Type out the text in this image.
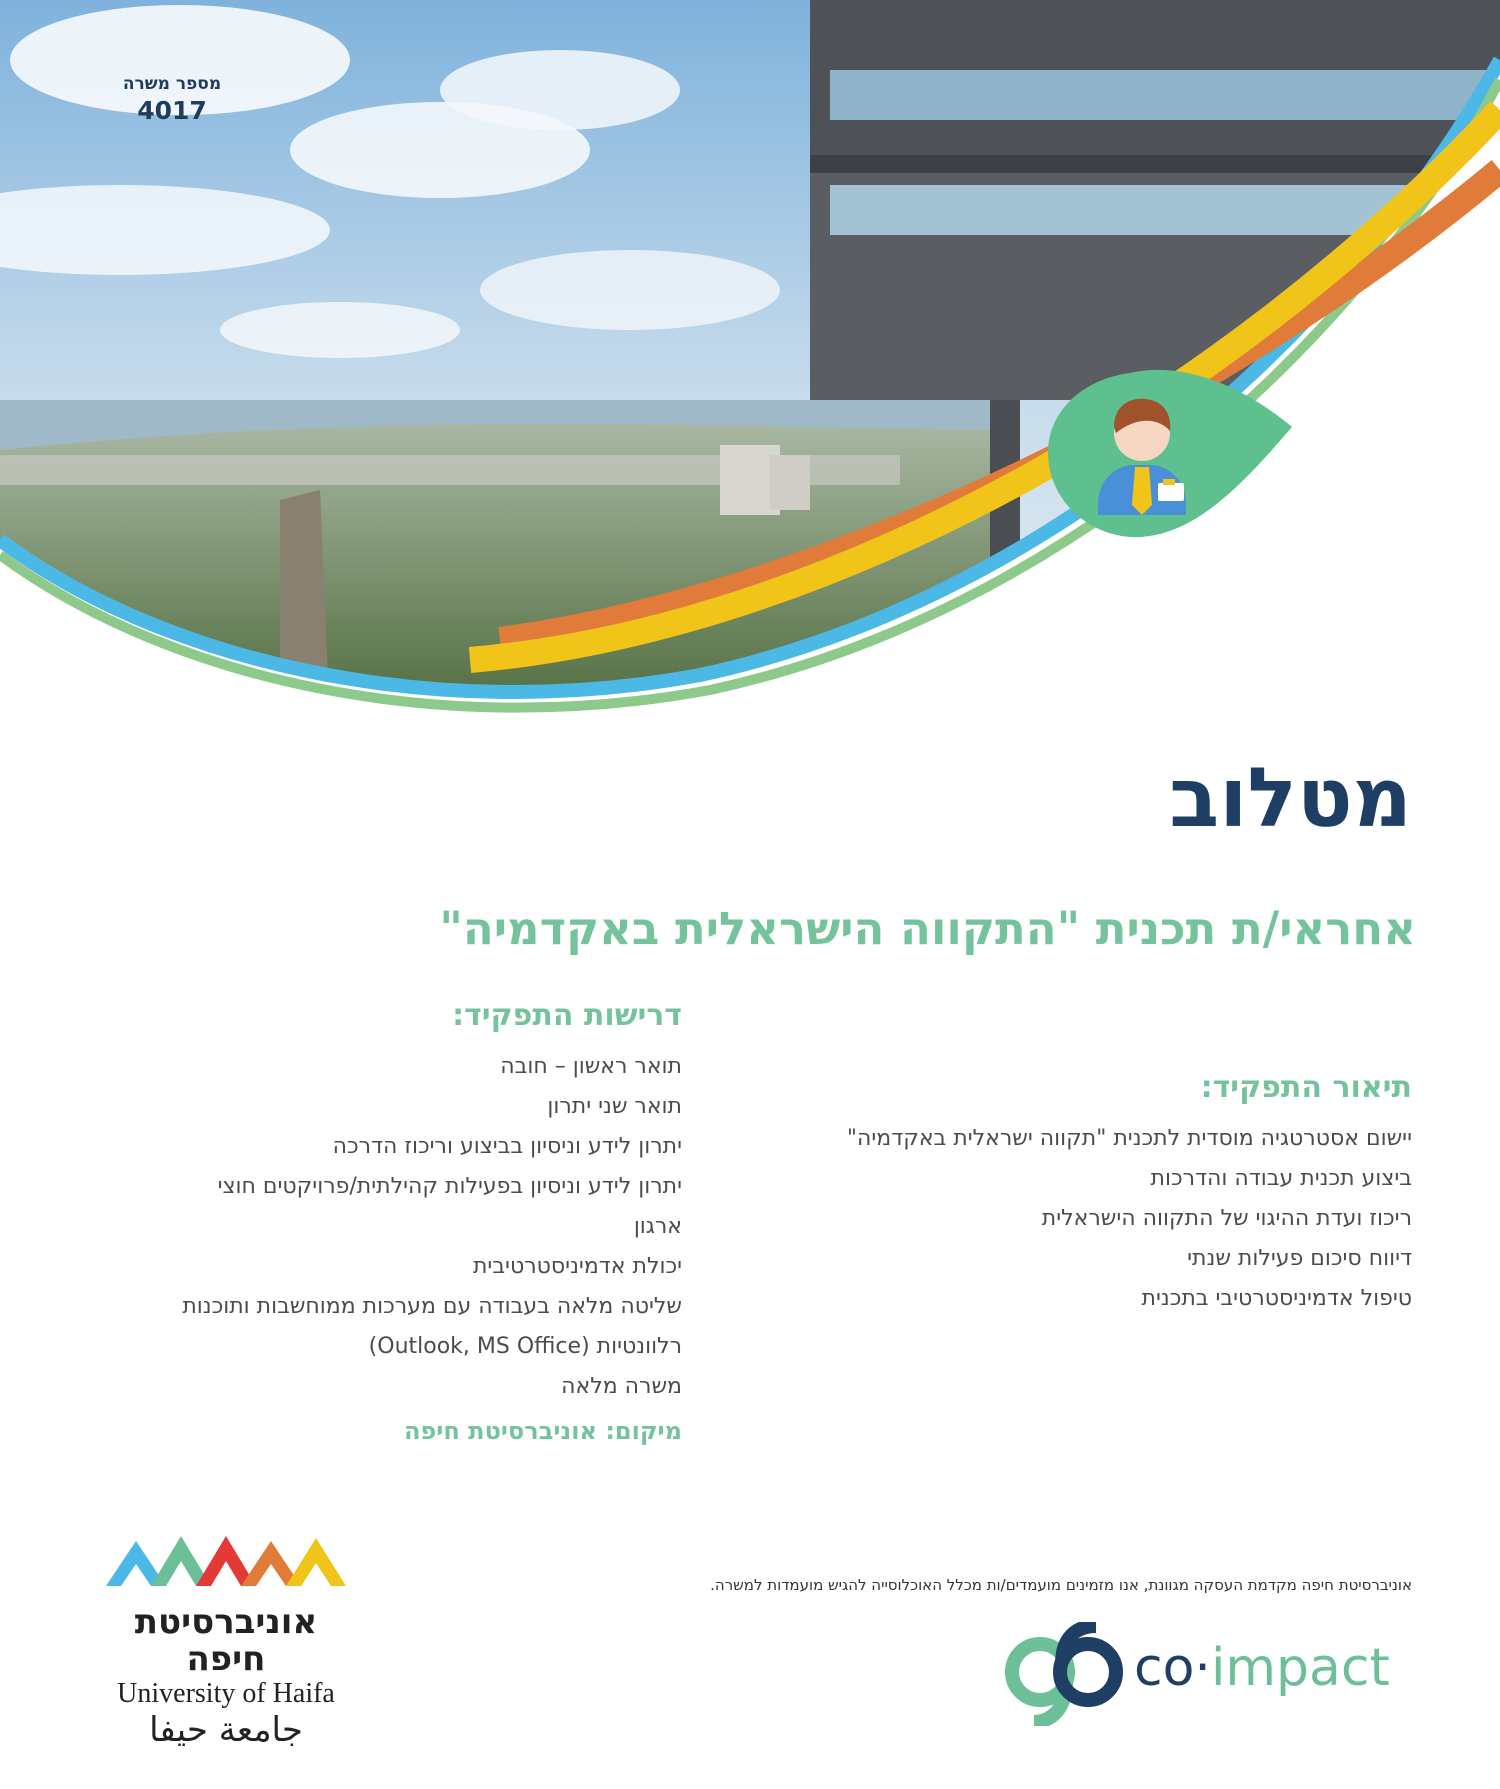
מספר משרה
4017
מטלוב
אחראי/ת תכנית "התקווה הישראלית באקדמיה"
תיאור התפקיד:
יישום אסטרטגיה מוסדית לתכנית "תקווה ישראלית באקדמיה"
ביצוע תכנית עבודה והדרכות
ריכוז ועדת ההיגוי של התקווה הישראלית
דיווח סיכום פעילות שנתי
טיפול אדמיניסטרטיבי בתכנית
דרישות התפקיד:
תואר ראשון – חובה
תואר שני יתרון
יתרון לידע וניסיון בביצוע וריכוז הדרכה
יתרון לידע וניסיון בפעילות קהילתית/פרויקטים חוצי
ארגון
יכולת אדמיניסטרטיבית
שליטה מלאה בעבודה עם מערכות ממוחשבות ותוכנות
רלוונטיות (Outlook, MS Office)
משרה מלאה
מיקום: אוניברסיטת חיפה
אוניברסיטת חיפה מקדמת העסקה מגוונת, אנו מזמינים מועמדים/ות מכלל האוכלוסייה להגיש מועמדות למשרה.
אוניברסיטת חיפה
University of Haifa
جامعة حيفا
co·impact
